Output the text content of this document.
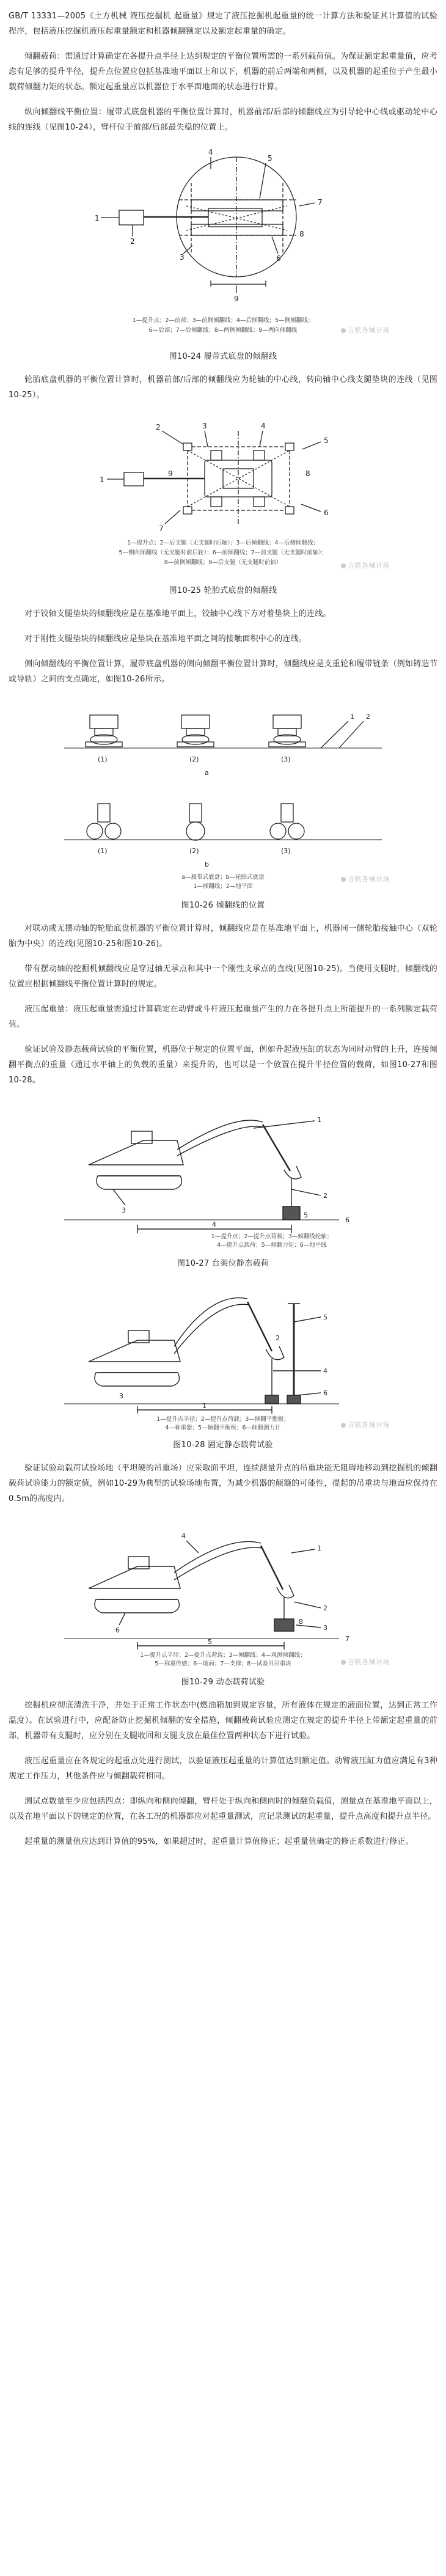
GB/T 13331—2005《土方机械 液压挖掘机 起重量》规定了液压挖掘机起重量的统一计算方法和验证其计算值的试验程序，包括液压挖掘机液压起重量额定和机器倾翻额定以及额定起重量的确定。

倾翻载荷：需通过计算确定在各提升点半径上达到规定的平衡位置所需的一系列载荷值。为保证额定起重量值，应考虑有足够的提升半径，提升点位置应包括基准地平面以上和以下，机器的前后两端和两侧，以及机器的起重位于产生最小载荷倾翻力矩的状态。额定起重量应以机器位于水平面地面的状态进行计算。

纵向倾翻线平衡位置：履带式底盘机器的平衡位置计算时，机器前部/后部的倾翻线应为引导轮中心线或驱动轮中心线的连线（见图10-24），臂杆位于前部/后部最失稳的位置上。

1
2
3
4
5
6
7
8
9
1—提升点；2—前部；3—前侧倾翻线；4—后倾翻线；5—侧倾翻线；
6—后部；7—后倾翻线；8—两侧倾翻线；9—两向倾翻线	吉机各械计场
图10-24 履带式底盘的倾翻线

轮胎底盘机器的平衡位置计算时，机器前部/后部的倾翻线应为轮轴的中心线，转向轴中心线支腿垫块的连线（见图10-25）。

1
2	3	4
5
6
7
8
9
1—提升点；2—后支腿（无支腿时后轴）；3—后倾翻线；4—后侧倾翻线；
5—侧向倾翻线（无支腿时前后轮）；6—前倾翻线；7—前支腿（无支腿时前轴）；
8—前侧倾翻线；9—后支腿（无支腿时前轴）	吉机各械计场
图10-25 轮胎式底盘的倾翻线

对于铰轴支腿垫块的倾翻线应是在基准地平面上，铰轴中心线下方对着垫块上的连线。

对于刚性支腿垫块的倾翻线应是垫块在基准地平面之间的接触面积中心的连线。

侧向倾翻线的平衡位置计算，履带底盘机器的侧向倾翻平衡位置计算时，倾翻线应是支重轮和履带链条（例如铸造节或导轨）之间的支点确定，如图10-26所示。

(1)	(2)	(3)
a
(1)	(2)	(3)
b
1 2
a—履带式底盘；b—轮胎式底盘
1—倾翻线；2—地平面
吉机各械计场
图10-26 倾翻线的位置

对联动或无摆动轴的轮胎底盘机器的平衡位置计算时，倾翻线应是在基准地平面上，机器同一侧轮胎接触中心（双轮胎为中央）的连线(见图10-25和图10-26)。

带有摆动轴的挖掘机倾翻线应是穿过轴无承点和其中一个刚性支承点的直线(见图10-25)。当使用支腿时，倾翻线的位置应根据倾翻线平衡位置计算时的规定。

液压起重量：液压起重量需通过计算确定在动臂或斗杆液压起重量产生的力在各提升点上所能提升的一系列额定载荷值。

验证试验及静态载荷试验的平衡位置，机器位于规定的位置平面，例如升起液压缸的状态为同时动臂的上升，连接倾翻平衡点的重量（通过水平轴上的负载的重量）来提升的，也可以是一个放置在提升半径位置的载荷，如图10-27和图10-28。

1
2
3
4
5
6
1—提升点；2—提升点荷载；3—倾翻线轮轴；
4—提升点载荷；5—倾翻力矩；6—地平线
图10-27 台架位静态载荷
5
4
6
1
2
3
1—提升点半径；2—提升点荷载；3—倾翻平衡板；
4—称重器；5—倾翻平衡板；6—倾翻测力计	吉机各械计场
图10-28 固定静态载荷试验

验证试验动载荷试验场地（平坦硬的吊重场）应采取面平坦，连续测量升点的吊重块能无阻碍地移动到挖掘机的倾翻载荷试验能力的额定值，例如10-29为典型的试验场地布置，为减少机器的颠簸的可能性，提起的吊重块与地面应保持在0.5m的高度内。

1
2
3
4
5
6
7
8
1—提升点半径；2—提升点荷载；3—倾翻线；4—观测倾翻线；
5—称重传感；6—地面；7—支撑；8—试验用吊重块	吉机各械计场
图10-29 动态载荷试验

挖掘机应彻底清洗干净，并处于正常工作状态中(燃油箱加到规定容量，所有液体在规定的液面位置，达到正常工作温度）。在试验进行中，应配备防止挖掘机倾翻的安全措施，倾翻载荷试验应测定在规定的提升半径上带额定起重量的前部，机器带有支腿时，应分别在支腿收回和支腿支放在最佳位置两种状态下进行试验。

液压起重量应在各规定的起重点处进行测试，以验证液压起重量的计算值达到额定值。动臂液压缸力值应满足有3种规定工作压力，其他条件应与倾翻载荷相同。

测试点数量至少应包括四点：即纵向和侧向倾翻，臂杆处于纵向和侧向时的倾翻负载值，测量点在基准地平面以上，以及在地平面以下的规定的位置，在各工况的机器都应对起重量测试，应记录测试的起重量，提升点高度和提升点半径。

起重量的测量值应达到计算值的95%，如果超过时，起重量计算值修正；起重量值确定的修正系数进行修正。
